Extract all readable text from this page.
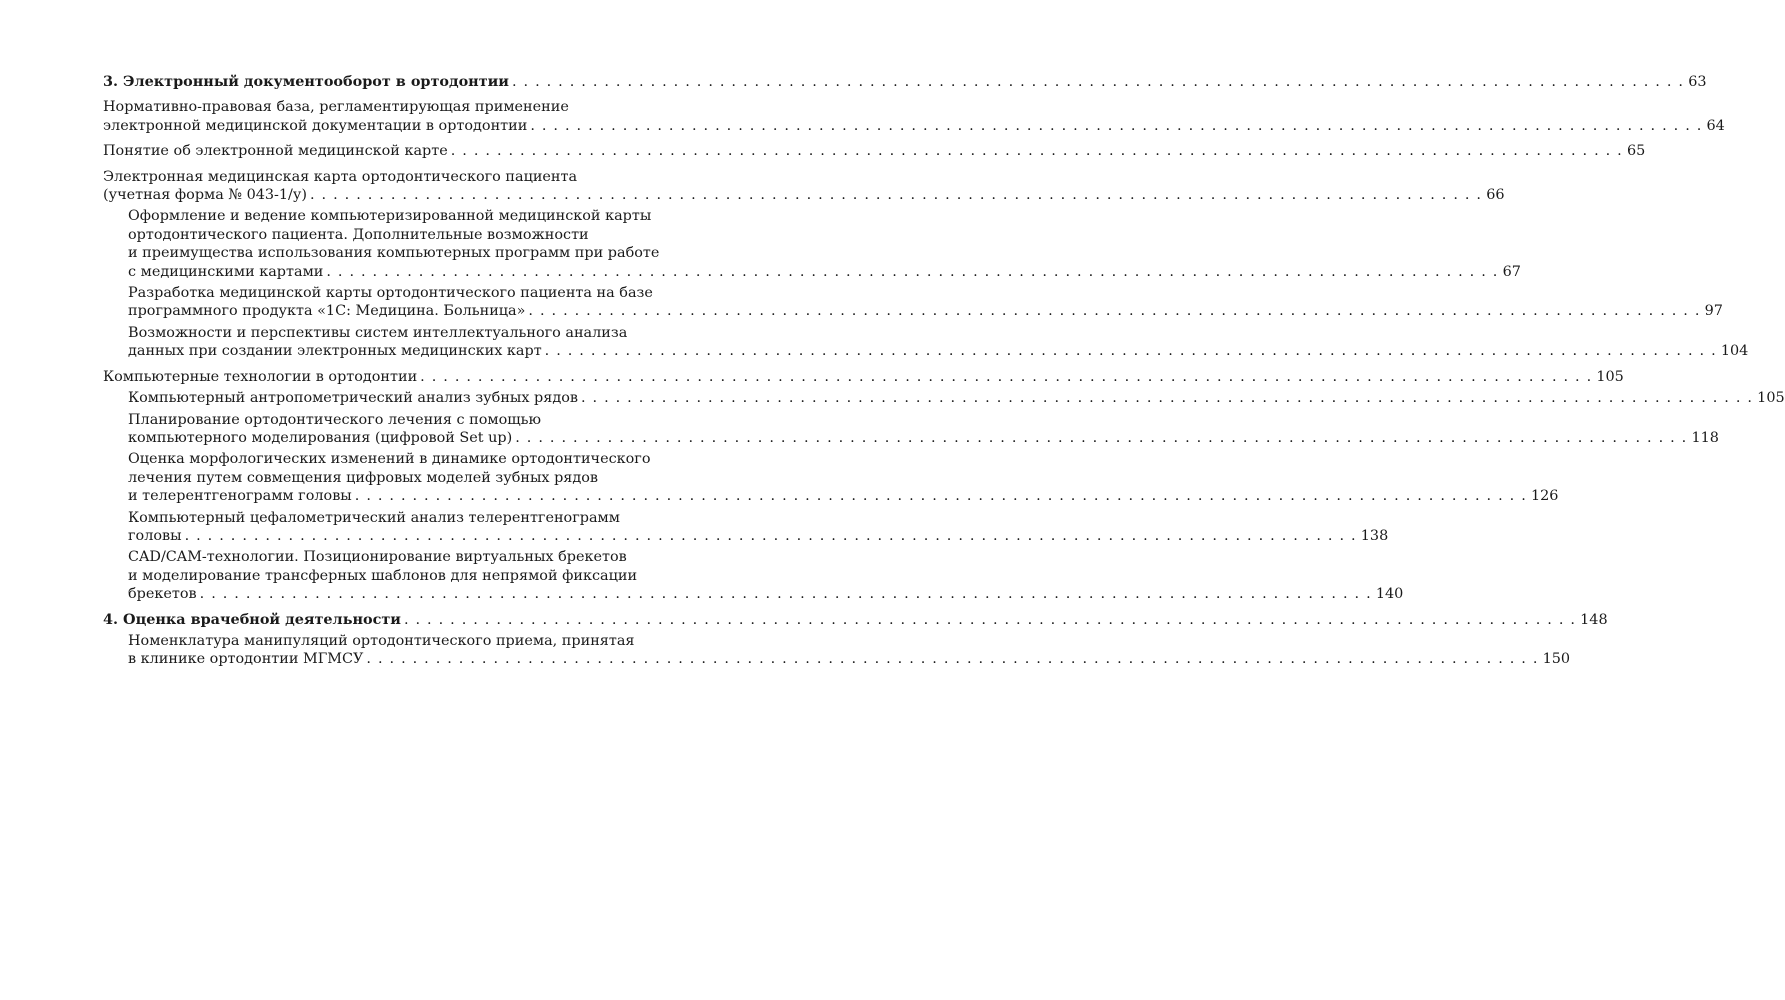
3. Электронный документооборот в ортодонтии . . . . . . . . . . . . . . . . . . . . . . . . . . . . . . . . . . . . . . . . . . . . . . . . . . . . . . . . . . . . . . . . . . . . . . . . . . . . . . . . . . . . . . . . . . . . . . . . . . . . . . 63
Нормативно-правовая база, регламентирующая применение
электронной медицинской документации в ортодонтии . . . . . . . . . . . . . . . . . . . . . . . . . . . . . . . . . . . . . . . . . . . . . . . . . . . . . . . . . . . . . . . . . . . . . . . . . . . . . . . . . . . . . . . . . . . . . . . . . . . . . . 64
Понятие об электронной медицинской карте . . . . . . . . . . . . . . . . . . . . . . . . . . . . . . . . . . . . . . . . . . . . . . . . . . . . . . . . . . . . . . . . . . . . . . . . . . . . . . . . . . . . . . . . . . . . . . . . . . . . . . 65
Электронная медицинская карта ортодонтического пациента
(учетная форма № 043-1/у) . . . . . . . . . . . . . . . . . . . . . . . . . . . . . . . . . . . . . . . . . . . . . . . . . . . . . . . . . . . . . . . . . . . . . . . . . . . . . . . . . . . . . . . . . . . . . . . . . . . . . . 66
Оформление и ведение компьютеризированной медицинской карты
ортодонтического пациента. Дополнительные возможности
и преимущества использования компьютерных программ при работе
с медицинскими картами . . . . . . . . . . . . . . . . . . . . . . . . . . . . . . . . . . . . . . . . . . . . . . . . . . . . . . . . . . . . . . . . . . . . . . . . . . . . . . . . . . . . . . . . . . . . . . . . . . . . . . 67
Разработка медицинской карты ортодонтического пациента на базе
программного продукта «1С: Медицина. Больница» . . . . . . . . . . . . . . . . . . . . . . . . . . . . . . . . . . . . . . . . . . . . . . . . . . . . . . . . . . . . . . . . . . . . . . . . . . . . . . . . . . . . . . . . . . . . . . . . . . . . . . 97
Возможности и перспективы систем интеллектуального анализа
данных при создании электронных медицинских карт . . . . . . . . . . . . . . . . . . . . . . . . . . . . . . . . . . . . . . . . . . . . . . . . . . . . . . . . . . . . . . . . . . . . . . . . . . . . . . . . . . . . . . . . . . . . . . . . . . . . . . 104
Компьютерные технологии в ортодонтии . . . . . . . . . . . . . . . . . . . . . . . . . . . . . . . . . . . . . . . . . . . . . . . . . . . . . . . . . . . . . . . . . . . . . . . . . . . . . . . . . . . . . . . . . . . . . . . . . . . . . . 105
Компьютерный антропометрический анализ зубных рядов . . . . . . . . . . . . . . . . . . . . . . . . . . . . . . . . . . . . . . . . . . . . . . . . . . . . . . . . . . . . . . . . . . . . . . . . . . . . . . . . . . . . . . . . . . . . . . . . . . . . . . 105
Планирование ортодонтического лечения с помощью
компьютерного моделирования (цифровой Set up) . . . . . . . . . . . . . . . . . . . . . . . . . . . . . . . . . . . . . . . . . . . . . . . . . . . . . . . . . . . . . . . . . . . . . . . . . . . . . . . . . . . . . . . . . . . . . . . . . . . . . . 118
Оценка морфологических изменений в динамике ортодонтического
лечения путем совмещения цифровых моделей зубных рядов
и телерентгенограмм головы . . . . . . . . . . . . . . . . . . . . . . . . . . . . . . . . . . . . . . . . . . . . . . . . . . . . . . . . . . . . . . . . . . . . . . . . . . . . . . . . . . . . . . . . . . . . . . . . . . . . . . 126
Компьютерный цефалометрический анализ телерентгенограмм
головы . . . . . . . . . . . . . . . . . . . . . . . . . . . . . . . . . . . . . . . . . . . . . . . . . . . . . . . . . . . . . . . . . . . . . . . . . . . . . . . . . . . . . . . . . . . . . . . . . . . . . . 138
CAD/CAM-технологии. Позиционирование виртуальных брекетов
и моделирование трансферных шаблонов для непрямой фиксации
брекетов . . . . . . . . . . . . . . . . . . . . . . . . . . . . . . . . . . . . . . . . . . . . . . . . . . . . . . . . . . . . . . . . . . . . . . . . . . . . . . . . . . . . . . . . . . . . . . . . . . . . . . 140
4. Оценка врачебной деятельности . . . . . . . . . . . . . . . . . . . . . . . . . . . . . . . . . . . . . . . . . . . . . . . . . . . . . . . . . . . . . . . . . . . . . . . . . . . . . . . . . . . . . . . . . . . . . . . . . . . . . . 148
Номенклатура манипуляций ортодонтического приема, принятая
в клинике ортодонтии МГМСУ . . . . . . . . . . . . . . . . . . . . . . . . . . . . . . . . . . . . . . . . . . . . . . . . . . . . . . . . . . . . . . . . . . . . . . . . . . . . . . . . . . . . . . . . . . . . . . . . . . . . . . 150
